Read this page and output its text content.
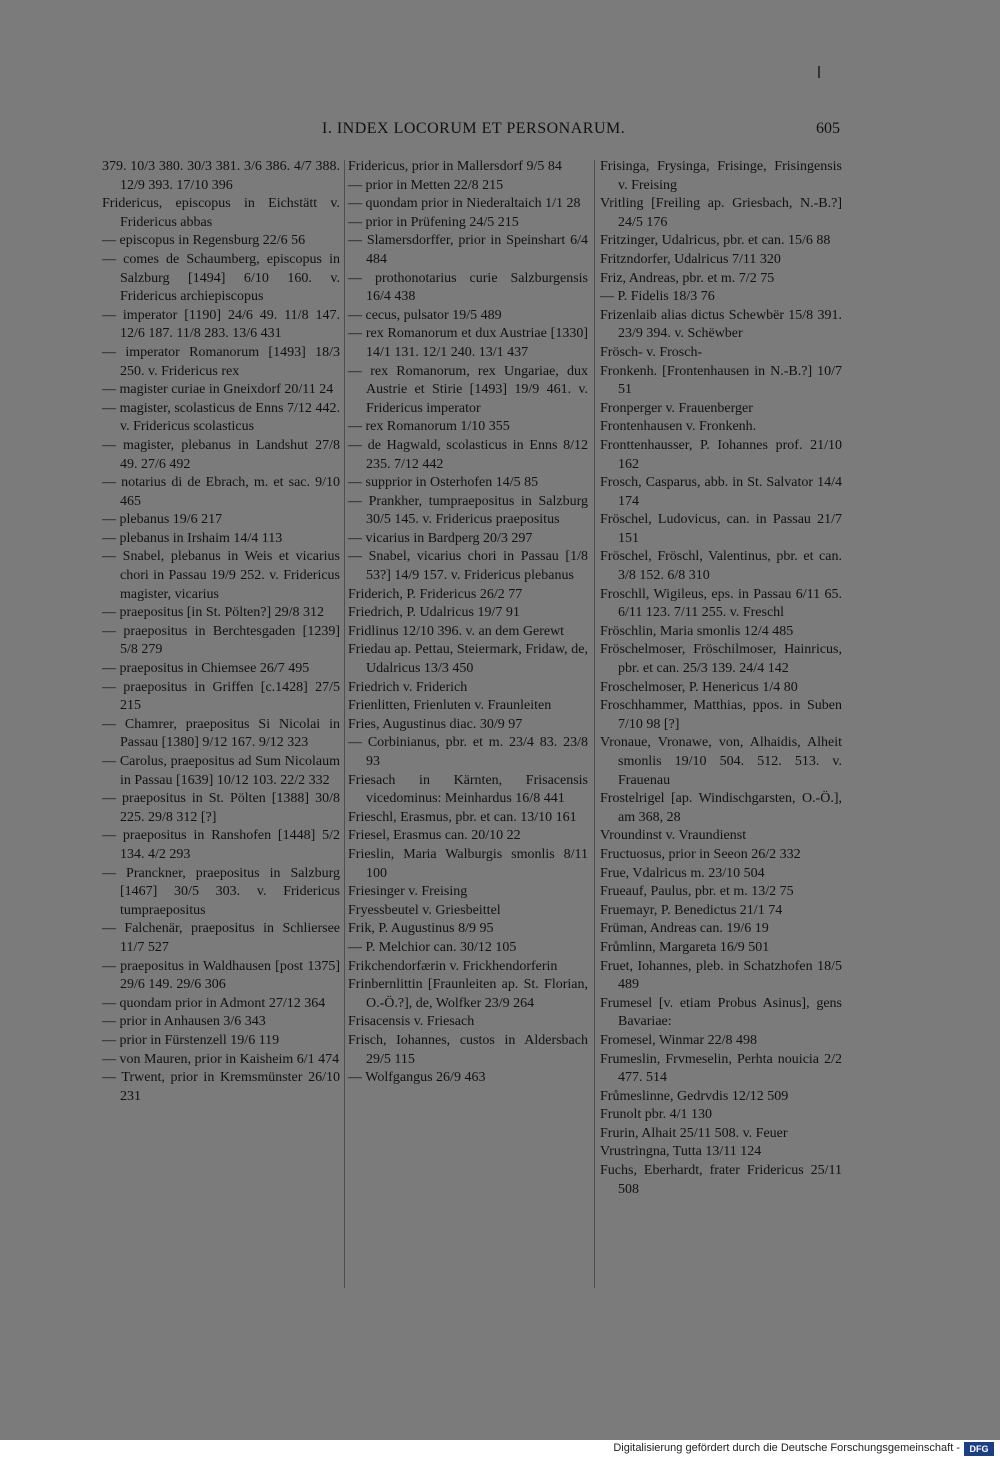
I. INDEX LOCORUM ET PERSONARUM.	605

379. 10/3 380. 30/3 381. 3/6 386. 4/7 388. 12/9 393. 17/10 396

Fridericus, episcopus in Eichstätt v. Fridericus abbas

— episcopus in Regensburg 22/6 56

— comes de Schaumberg, episcopus in Salzburg [1494] 6/10 160. v. Fridericus archiepiscopus

— imperator [1190] 24/6 49. 11/8 147. 12/6 187. 11/8 283. 13/6 431

— imperator Romanorum [1493] 18/3 250. v. Fridericus rex

— magister curiae in Gneixdorf 20/11 24

— magister, scolasticus de Enns 7/12 442. v. Fridericus scolasticus

— magister, plebanus in Landshut 27/8 49. 27/6 492

— notarius di de Ebrach, m. et sac. 9/10 465

— plebanus 19/6 217

— plebanus in Irshaim 14/4 113

— Snabel, plebanus in Weis et vicarius chori in Passau 19/9 252. v. Fridericus magister, vicarius

— praepositus [in St. Pölten?] 29/8 312

— praepositus in Berchtesgaden [1239] 5/8 279

— praepositus in Chiemsee 26/7 495

— praepositus in Griffen [c.1428] 27/5 215

— Chamrer, praepositus Si Nicolai in Passau [1380] 9/12 167. 9/12 323

— Carolus, praepositus ad Sum Nicolaum in Passau [1639] 10/12 103. 22/2 332

— praepositus in St. Pölten [1388] 30/8 225. 29/8 312 [?]

— praepositus in Ranshofen [1448] 5/2 134. 4/2 293

— Pranckner, praepositus in Salzburg [1467] 30/5 303. v. Fridericus tumpraepositus

— Falchenär, praepositus in Schliersee 11/7 527

— praepositus in Waldhausen [post 1375] 29/6 149. 29/6 306

— quondam prior in Admont 27/12 364

— prior in Anhausen 3/6 343

— prior in Fürstenzell 19/6 119

— von Mauren, prior in Kaisheim 6/1 474

— Trwent, prior in Kremsmünster 26/10 231

Fridericus, prior in Mallersdorf 9/5 84

— prior in Metten 22/8 215

— quondam prior in Niederaltaich 1/1 28

— prior in Prüfening 24/5 215

— Slamersdorffer, prior in Speinshart 6/4 484

— prothonotarius curie Salzburgensis 16/4 438

— cecus, pulsator 19/5 489

— rex Romanorum et dux Austriae [1330] 14/1 131. 12/1 240. 13/1 437

— rex Romanorum, rex Ungariae, dux Austrie et Stirie [1493] 19/9 461. v. Fridericus imperator

— rex Romanorum 1/10 355

— de Hagwald, scolasticus in Enns 8/12 235. 7/12 442

— supprior in Osterhofen 14/5 85

— Prankher, tumpraepositus in Salzburg 30/5 145. v. Fridericus praepositus

— vicarius in Bardperg 20/3 297

— Snabel, vicarius chori in Passau [1/8 53?] 14/9 157. v. Fridericus plebanus

Friderich, P. Fridericus 26/2 77

Friedrich, P. Udalricus 19/7 91

Fridlinus 12/10 396. v. an dem Gerewt

Friedau ap. Pettau, Steiermark, Fridaw, de, Udalricus 13/3 450

Friedrich v. Friderich

Frienlitten, Frienluten v. Fraunleiten

Fries, Augustinus diac. 30/9 97

— Corbinianus, pbr. et m. 23/4 83. 23/8 93

Friesach in Kärnten, Frisacensis vicedominus: Meinhardus 16/8 441

Frieschl, Erasmus, pbr. et can. 13/10 161

Friesel, Erasmus can. 20/10 22

Frieslin, Maria Walburgis smonlis 8/11 100

Friesinger v. Freising

Fryessbeutel v. Griesbeittel

Frik, P. Augustinus 8/9 95

— P. Melchior can. 30/12 105

Frikchendorfærin v. Frickhendorferin

Frinbernlittin [Fraunleiten ap. St. Florian, O.-Ö.?], de, Wolfker 23/9 264

Frisacensis v. Friesach

Frisch, Iohannes, custos in Aldersbach 29/5 115

— Wolfgangus 26/9 463

Frisinga, Frysinga, Frisinge, Frisingensis v. Freising

Vritling [Freiling ap. Griesbach, N.-B.?] 24/5 176

Fritzinger, Udalricus, pbr. et can. 15/6 88

Fritzndorfer, Udalricus 7/11 320

Friz, Andreas, pbr. et m. 7/2 75

— P. Fidelis 18/3 76

Frizenlaib alias dictus Schewbër 15/8 391. 23/9 394. v. Schëwber

Frösch- v. Frosch-

Fronkenh. [Frontenhausen in N.-B.?] 10/7 51

Fronperger v. Frauenberger

Frontenhausen v. Fronkenh.

Fronttenhausser, P. Iohannes prof. 21/10 162

Frosch, Casparus, abb. in St. Salvator 14/4 174

Fröschel, Ludovicus, can. in Passau 21/7 151

Fröschel, Fröschl, Valentinus, pbr. et can. 3/8 152. 6/8 310

Froschll, Wigileus, eps. in Passau 6/11 65. 6/11 123. 7/11 255. v. Freschl

Fröschlin, Maria smonlis 12/4 485

Fröschelmoser, Fröschilmoser, Hainricus, pbr. et can. 25/3 139. 24/4 142

Froschelmoser, P. Henericus 1/4 80

Froschhammer, Matthias, ppos. in Suben 7/10 98 [?]

Vronaue, Vronawe, von, Alhaidis, Alheit smonlis 19/10 504. 512. 513. v. Frauenau

Frostelrigel [ap. Windischgarsten, O.-Ö.], am 368, 28

Vroundinst v. Vraundienst

Fructuosus, prior in Seeon 26/2 332

Frue, Vdalricus m. 23/10 504

Frueauf, Paulus, pbr. et m. 13/2 75

Fruemayr, P. Benedictus 21/1 74

Früman, Andreas can. 19/6 19

Frůmlinn, Margareta 16/9 501

Fruet, Iohannes, pleb. in Schatzhofen 18/5 489

Frumesel [v. etiam Probus Asinus], gens Bavariae:

Fromesel, Winmar 22/8 498

Frumeslin, Frvmeselin, Perhta nouicia 2/2 477. 514

Frůmeslinne, Gedrvdis 12/12 509

Frunolt pbr. 4/1 130

Frurin, Alhait 25/11 508. v. Feuer

Vrustringna, Tutta 13/11 124

Fuchs, Eberhardt, frater Fridericus 25/11 508

Digitalisierung gefördert durch die Deutsche Forschungsgemeinschaft -	DFG
